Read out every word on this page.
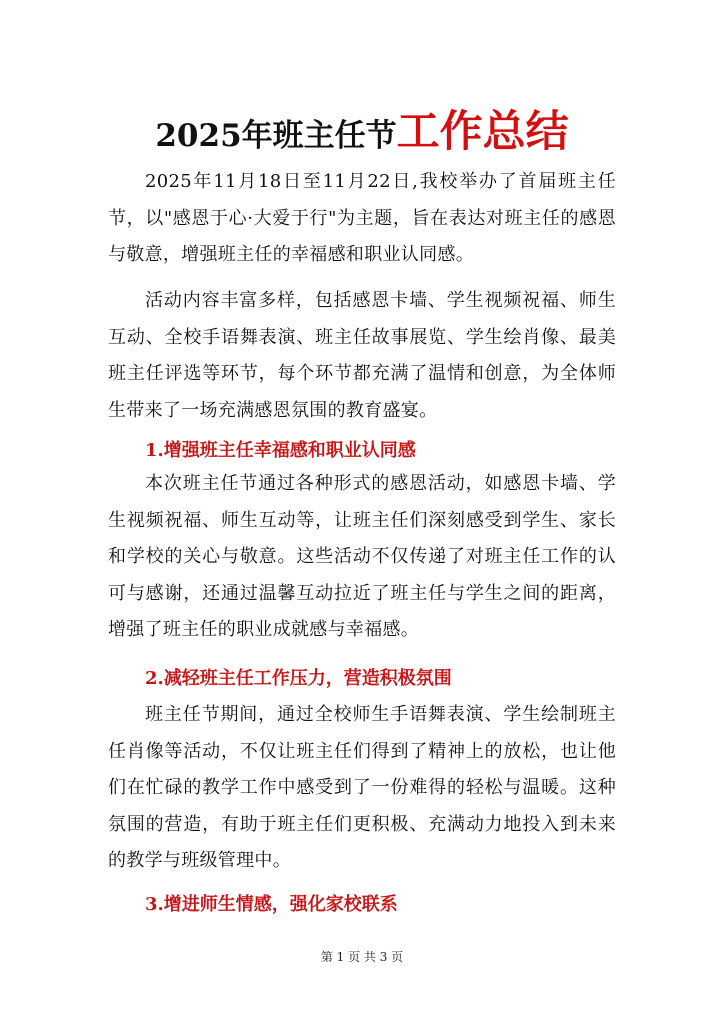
2025年班主任节工作总结

2025年11月18日至11月22日,我校举办了首届班主任节，以"感恩于心·大爱于行"为主题，旨在表达对班主任的感恩与敬意，增强班主任的幸福感和职业认同感。

活动内容丰富多样，包括感恩卡墙、学生视频祝福、师生互动、全校手语舞表演、班主任故事展览、学生绘肖像、最美班主任评选等环节，每个环节都充满了温情和创意，为全体师生带来了一场充满感恩氛围的教育盛宴。

1.增强班主任幸福感和职业认同感

本次班主任节通过各种形式的感恩活动，如感恩卡墙、学生视频祝福、师生互动等，让班主任们深刻感受到学生、家长和学校的关心与敬意。这些活动不仅传递了对班主任工作的认可与感谢，还通过温馨互动拉近了班主任与学生之间的距离，增强了班主任的职业成就感与幸福感。

2.减轻班主任工作压力，营造积极氛围

班主任节期间，通过全校师生手语舞表演、学生绘制班主任肖像等活动，不仅让班主任们得到了精神上的放松，也让他们在忙碌的教学工作中感受到了一份难得的轻松与温暖。这种氛围的营造，有助于班主任们更积极、充满动力地投入到未来的教学与班级管理中。

3.增进师生情感，强化家校联系

第 1 页 共 3 页
